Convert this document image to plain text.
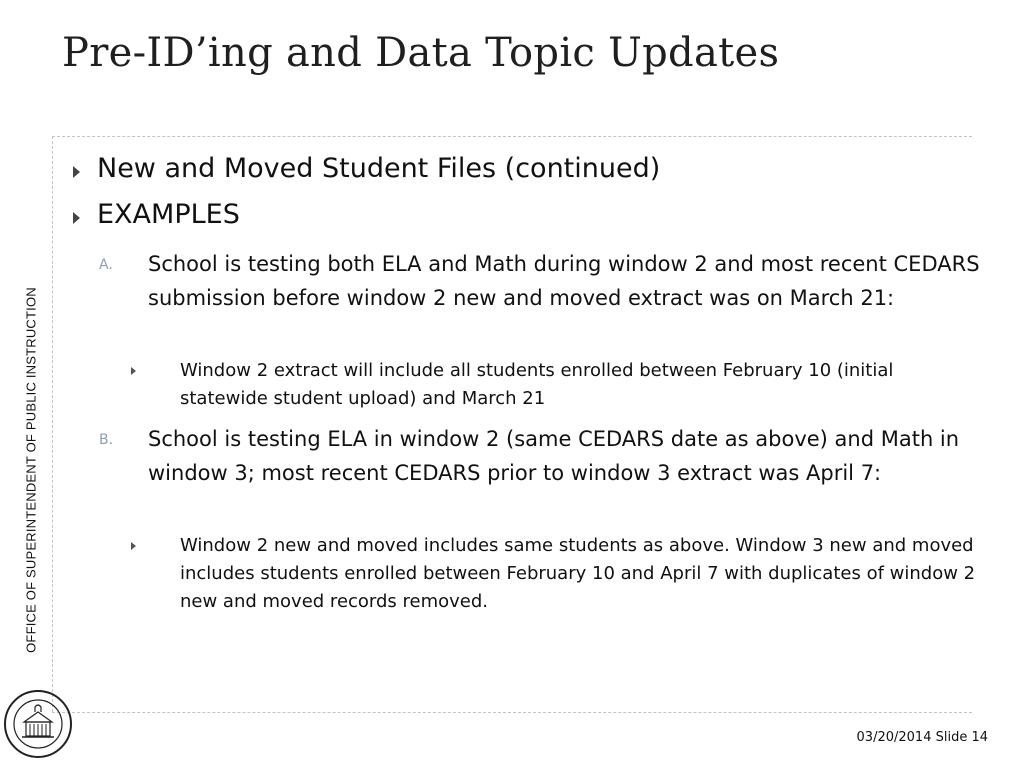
Pre-ID’ing and Data Topic Updates
OFFICE OF SUPERINTENDENT OF PUBLIC INSTRUCTION
New and Moved Student Files (continued)
EXAMPLES
A. School is testing both ELA and Math during window 2 and most recent CEDARS submission before window 2 new and moved extract was on March 21:
Window 2 extract will include all students enrolled between February 10 (initial statewide student upload) and March 21
B. School is testing ELA in window 2 (same CEDARS date as above) and Math in window 3; most recent CEDARS prior to window 3 extract was April 7:
Window 2 new and moved includes same students as above. Window 3 new and moved includes students enrolled between February 10 and April 7 with duplicates of window 2 new and moved records removed.
03/20/2014 Slide 14
